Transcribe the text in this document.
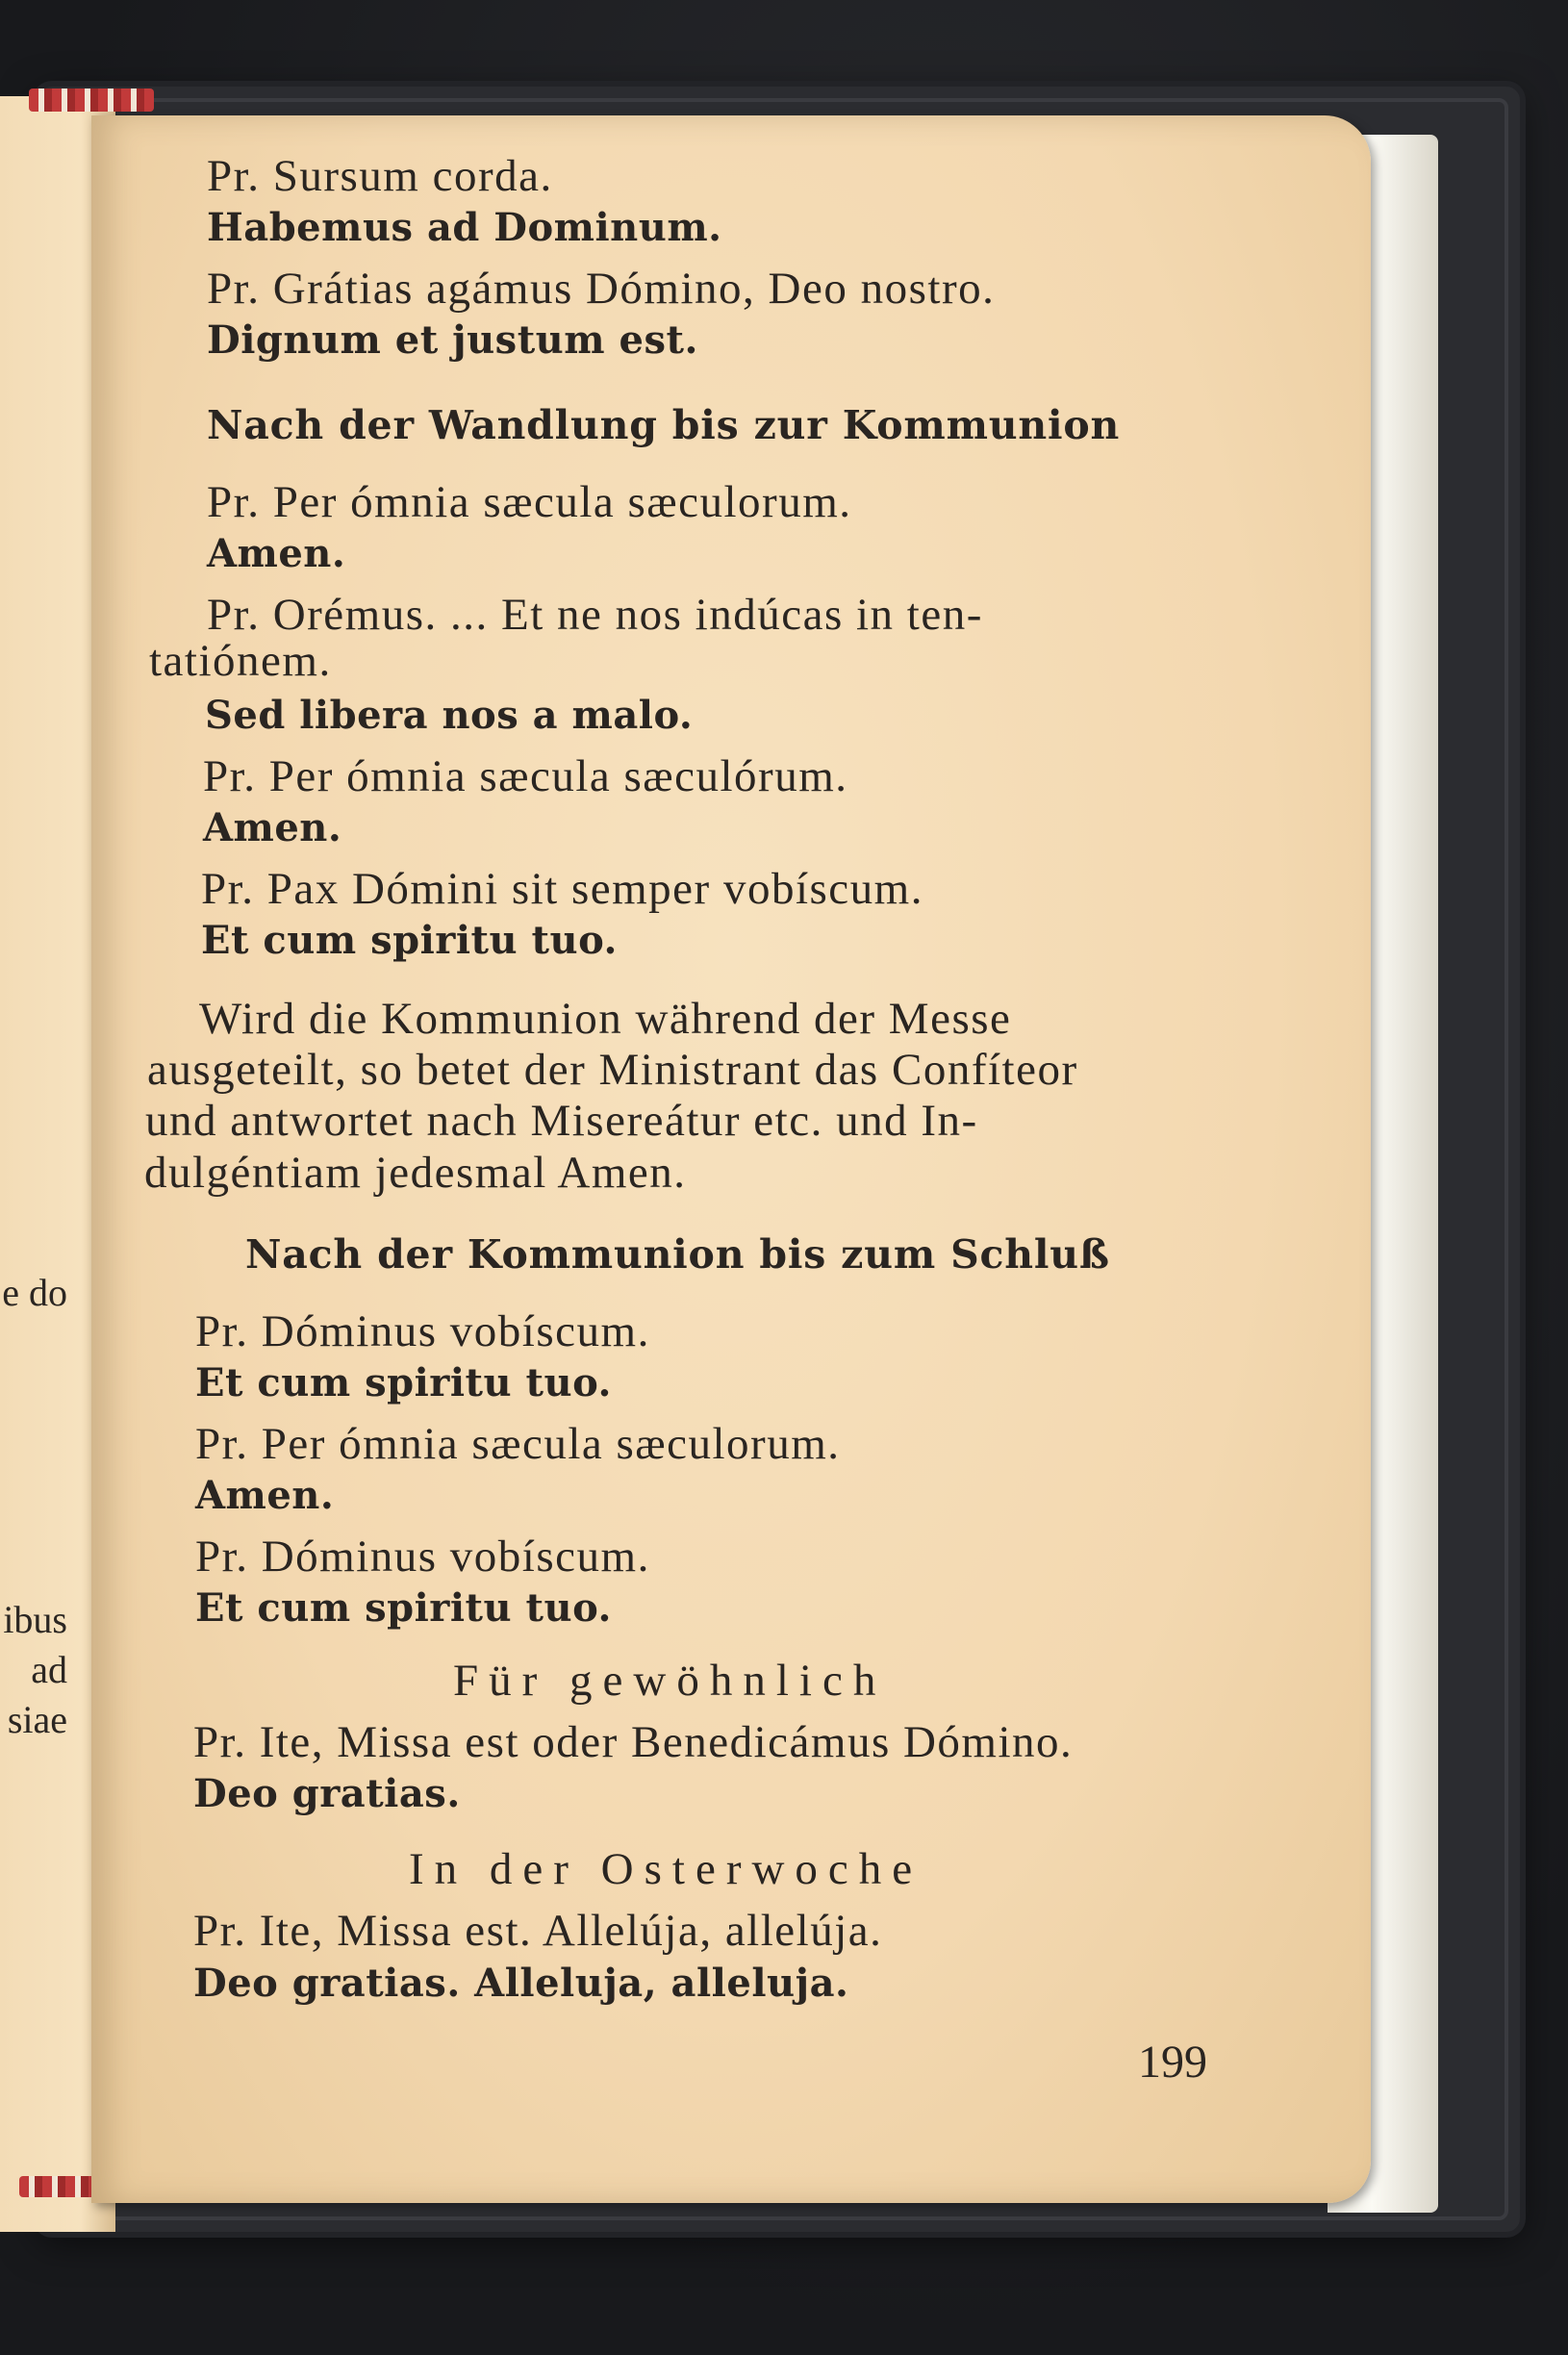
e do
ibus
ad
siae
Pr. Sursum corda.
Habemus ad Dominum.
Pr. Grátias agámus Dómino, Deo nostro.
Dignum et justum est.
Nach der Wandlung bis zur Kommunion
Pr. Per ómnia sæcula sæculorum.
Amen.
Pr. Orémus. ... Et ne nos indúcas in ten-
tatiónem.
Sed libera nos a malo.
Pr. Per ómnia sæcula sæculórum.
Amen.
Pr. Pax Dómini sit semper vobíscum.
Et cum spiritu tuo.
Wird die Kommunion während der Messe
ausgeteilt, so betet der Ministrant das Confíteor
und antwortet nach Misereátur etc. und In-
dulgéntiam jedesmal Amen.
Nach der Kommunion bis zum Schluß
Pr. Dóminus vobíscum.
Et cum spiritu tuo.
Pr. Per ómnia sæcula sæculorum.
Amen.
Pr. Dóminus vobíscum.
Et cum spiritu tuo.
Für gewöhnlich
Pr. Ite, Missa est oder Benedicámus Dómino.
Deo gratias.
In der Osterwoche
Pr. Ite, Missa est. Allelúja, allelúja.
Deo gratias. Alleluja, alleluja.
199
